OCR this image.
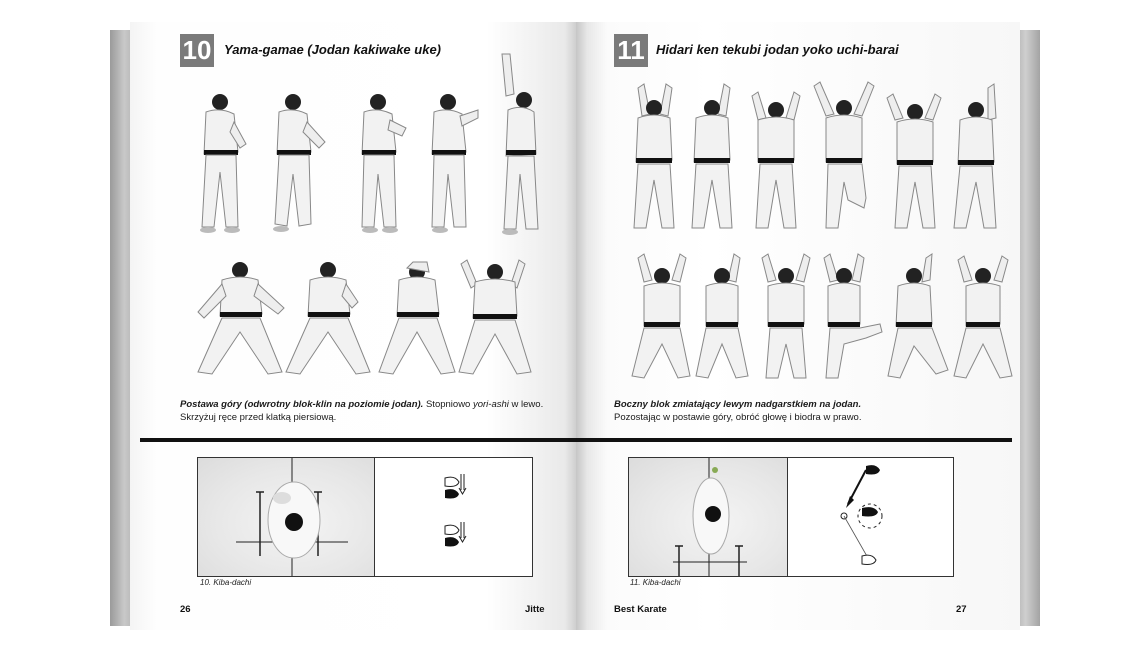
10 Yama-gamae (Jodan kakiwake uke)
Postawa góry (odwrotny blok-klin na poziomie jodan). Stopniowo yori-ashi w lewo. Skrzyżuj ręce przed klatką piersiową.
10. Kiba-dachi
26	Jitte
11 Hidari ken tekubi jodan yoko uchi-barai
Boczny blok zmiatający lewym nadgarstkiem na jodan.
Pozostając w postawie góry, obróć głowę i biodra w prawo.
11. Kiba-dachi
Best Karate	27
